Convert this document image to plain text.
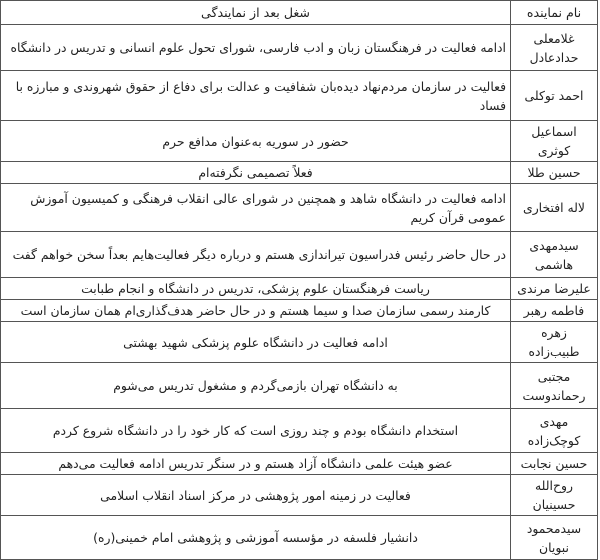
نام نماینده	شغل بعد از نمایندگی
غلامعلی حدادعادل	ادامه فعالیت در فرهنگستان زبان و ادب فارسی، شورای تحول علوم انسانی و تدریس در دانشگاه
احمد توکلی	فعالیت در سازمان مردم‌نهاد دیده‌بان شفافیت و عدالت برای دفاع از حقوق شهروندی و مبارزه با فساد
اسماعیل کوثری	حضور در سوریه به‌عنوان مدافع حرم
حسین طلا	فعلاً تصمیمی نگرفته‌ام
لاله افتخاری	ادامه فعالیت در دانشگاه شاهد و همچنین در شورای عالی انقلاب فرهنگی و کمیسیون آموزش عمومی قرآن کریم
سیدمهدی هاشمی	در حال حاضر رئیس فدراسیون تیراندازی هستم و درباره دیگر فعالیت‌هایم بعداً سخن خواهم گفت
علیرضا مرندی	ریاست فرهنگستان علوم پزشکی، تدریس در دانشگاه و انجام طبابت
فاطمه رهبر	کارمند رسمی سازمان صدا و سیما هستم و در حال حاضر هدف‌گذاری‌ام همان سازمان است
زهره طبیب‌زاده	ادامه فعالیت در دانشگاه علوم پزشکی شهید بهشتی
مجتبی رحماندوست	به دانشگاه تهران بازمی‌گردم و مشغول تدریس می‌شوم
مهدی کوچک‌زاده	استخدام دانشگاه بودم و چند روزی است که کار خود را در دانشگاه شروع کردم
حسین نجابت	عضو هیئت علمی دانشگاه آزاد هستم و در سنگر تدریس ادامه فعالیت می‌دهم
روح‌الله حسینیان	فعالیت در زمینه امور پژوهشی در مرکز اسناد انقلاب اسلامی
سیدمحمود نبویان	دانشیار فلسفه در مؤسسه آموزشی و پژوهشی امام خمینی(ره)
